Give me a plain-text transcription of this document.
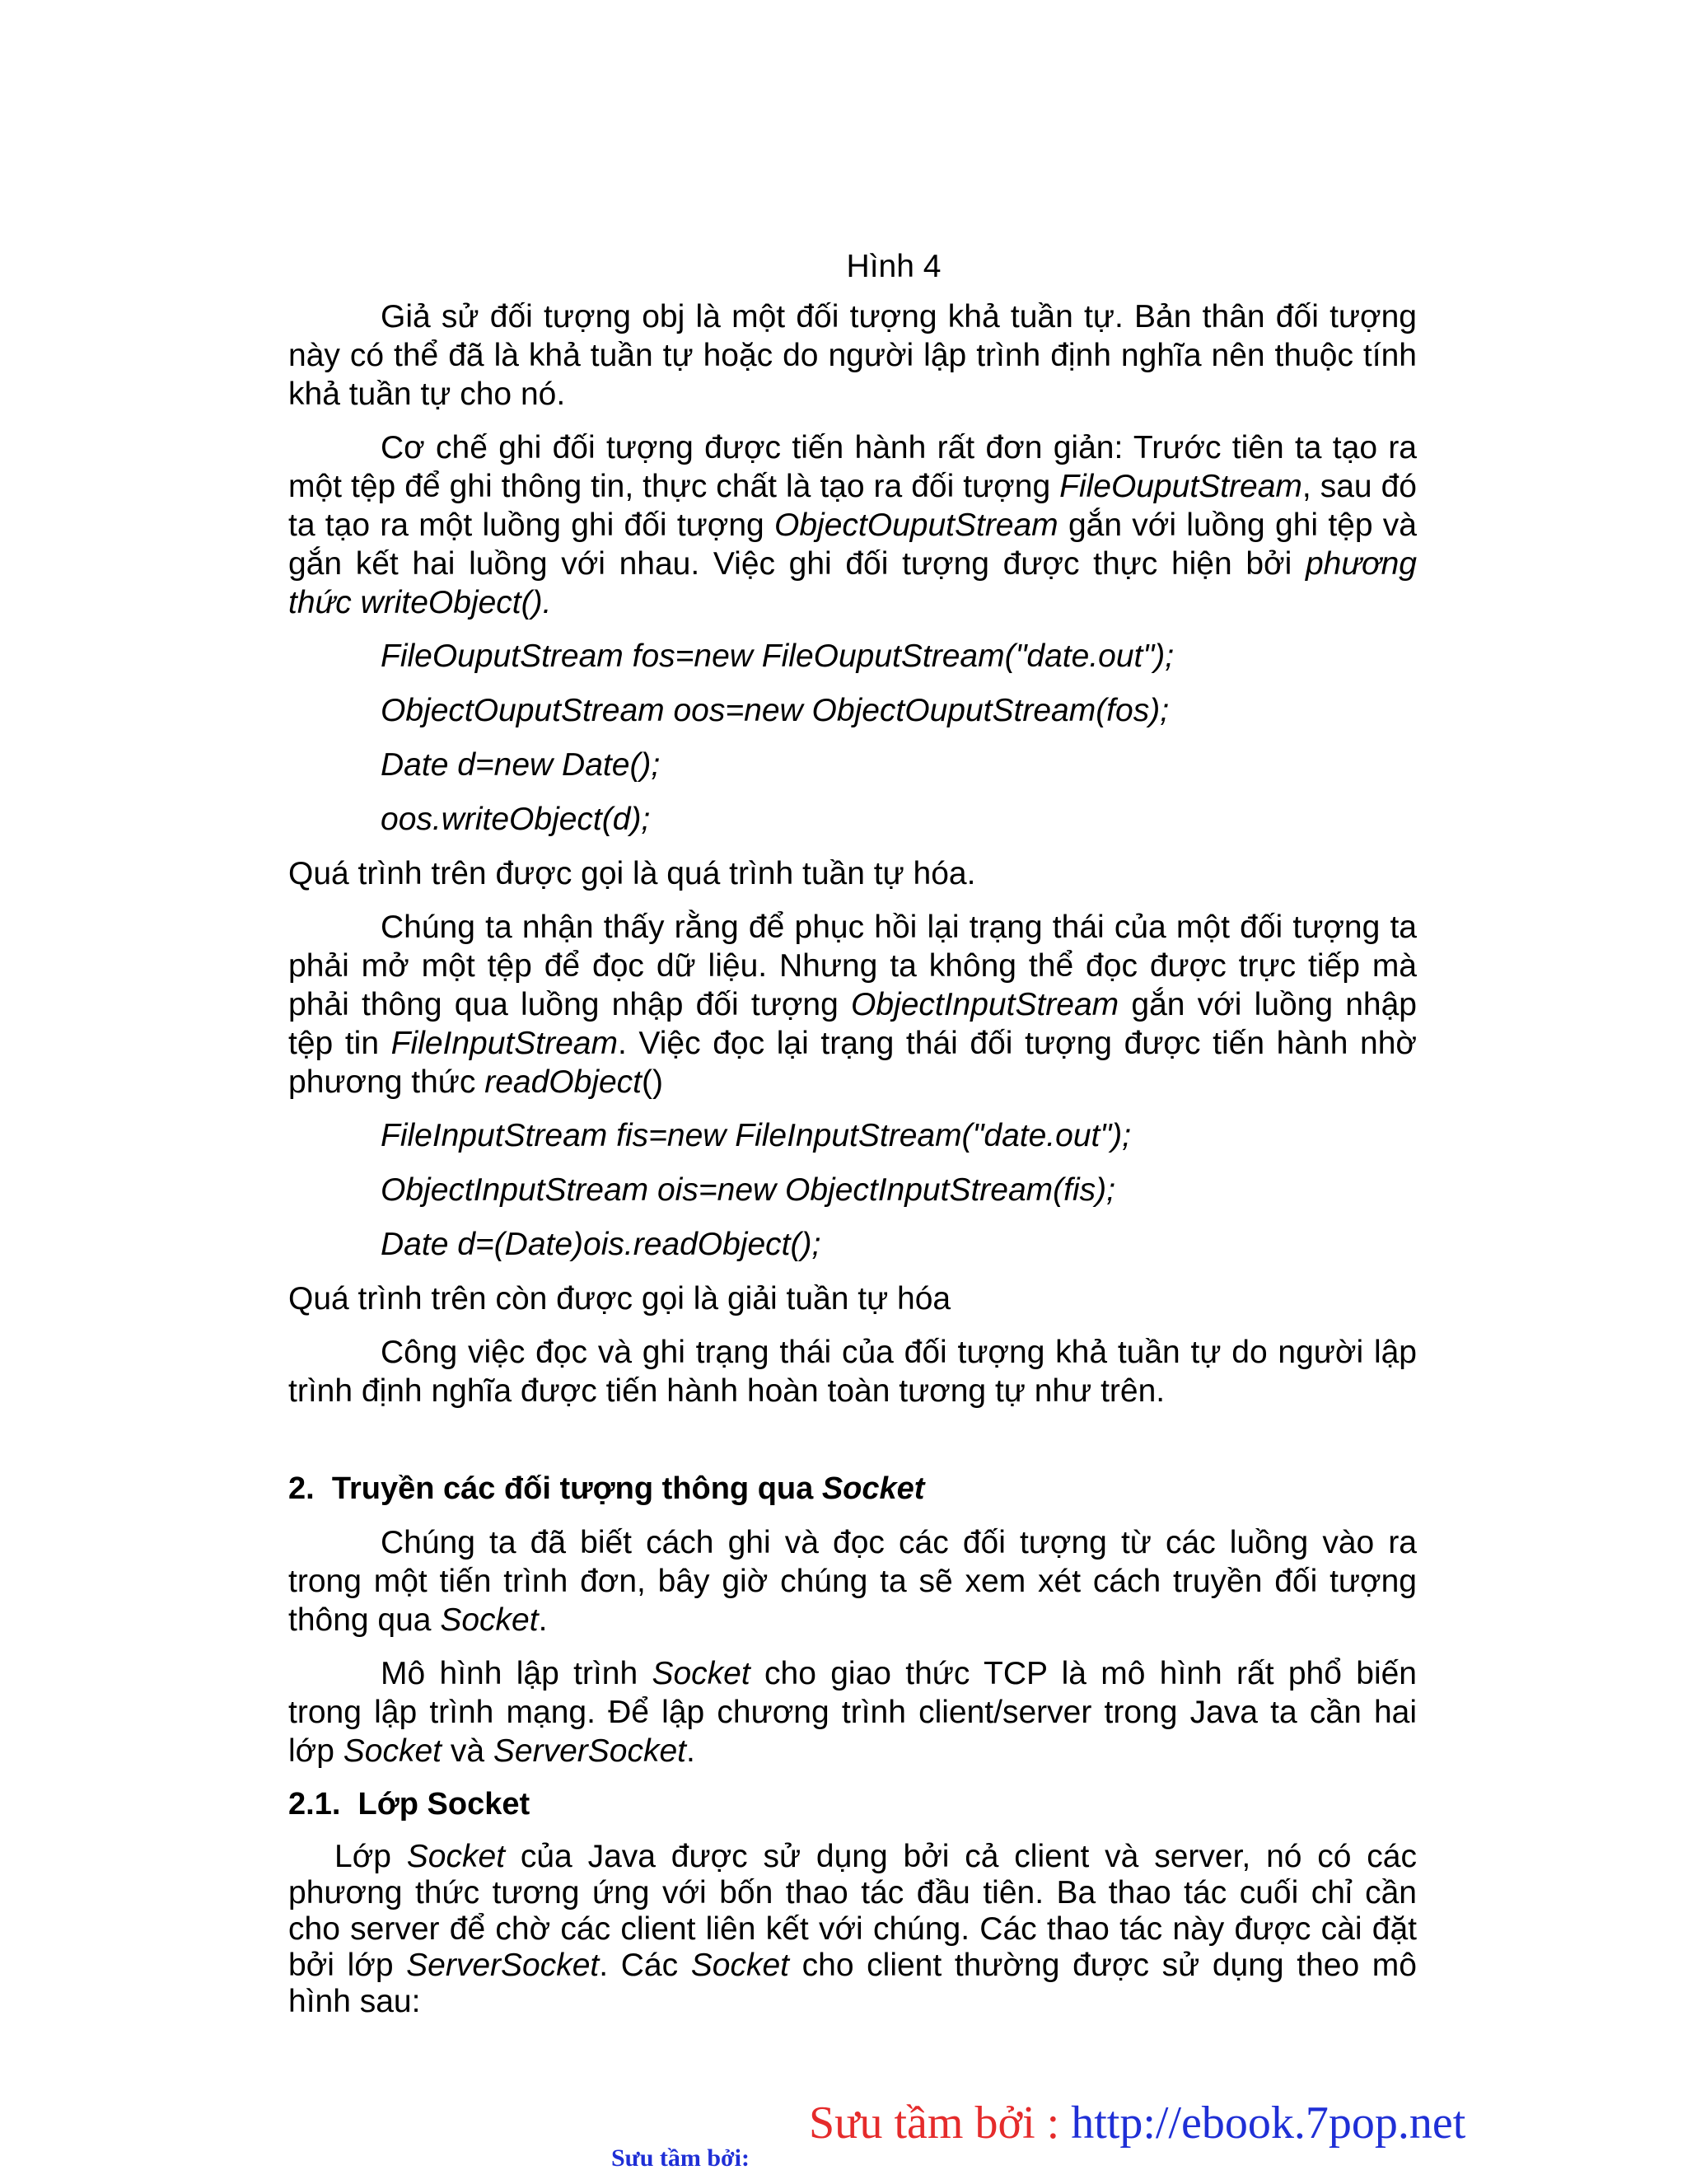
Hình 4

Giả sử đối tượng obj là một đối tượng khả tuần tự. Bản thân đối tượng này có thể đã là khả tuần tự hoặc do người lập trình định nghĩa nên thuộc tính khả tuần tự cho nó.

Cơ chế ghi đối tượng được tiến hành rất đơn giản: Trước tiên ta tạo ra một tệp để ghi thông tin, thực chất là tạo ra đối tượng FileOuputStream, sau đó ta tạo ra một luồng ghi đối tượng ObjectOuputStream gắn với luồng ghi tệp và gắn kết hai luồng với nhau. Việc ghi đối tượng được thực hiện bởi phương thức writeObject().

FileOuputStream fos=new FileOuputStream("date.out");
ObjectOuputStream oos=new ObjectOuputStream(fos);
Date d=new Date();
oos.writeObject(d);

Quá trình trên được gọi là quá trình tuần tự hóa.

Chúng ta nhận thấy rằng để phục hồi lại trạng thái của một đối tượng ta phải mở một tệp để đọc dữ liệu. Nhưng ta không thể đọc được trực tiếp mà phải thông qua luồng nhập đối tượng ObjectInputStream gắn với luồng nhập tệp tin FileInputStream. Việc đọc lại trạng thái đối tượng được tiến hành nhờ phương thức readObject()

FileInputStream fis=new FileInputStream("date.out");
ObjectInputStream ois=new ObjectInputStream(fis);
Date d=(Date)ois.readObject();

Quá trình trên còn được gọi là giải tuần tự hóa

Công việc đọc và ghi trạng thái của đối tượng khả tuần tự do người lập trình định nghĩa được tiến hành hoàn toàn tương tự như trên.

2. Truyền các đối tượng thông qua Socket

Chúng ta đã biết cách ghi và đọc các đối tượng từ các luồng vào ra trong một tiến trình đơn, bây giờ chúng ta sẽ xem xét cách truyền đối tượng thông qua Socket.

Mô hình lập trình Socket cho giao thức TCP là mô hình rất phổ biến trong lập trình mạng. Để lập chương trình client/server trong Java ta cần hai lớp Socket và ServerSocket.

2.1. Lớp Socket

Lớp Socket của Java được sử dụng bởi cả client và server, nó có các phương thức tương ứng với bốn thao tác đầu tiên. Ba thao tác cuối chỉ cần cho server để chờ các client liên kết với chúng. Các thao tác này được cài đặt bởi lớp ServerSocket. Các Socket cho client thường được sử dụng theo mô hình sau:

Sưu tầm bởi : http://ebook.7pop.net
Sưu tầm bởi:
